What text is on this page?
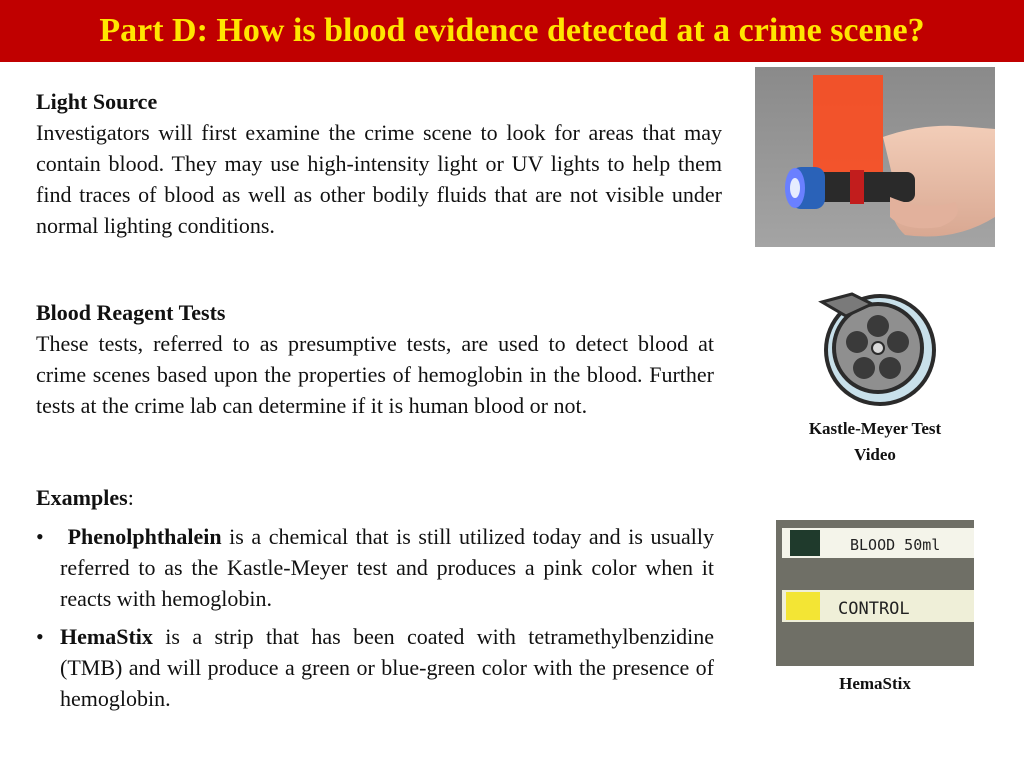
Part D: How is blood evidence detected at a crime scene?
Light Source
Investigators will first examine the crime scene to look for areas that may contain blood. They may use high-intensity light or UV lights to help them find traces of blood as well as other bodily fluids that are not visible under normal lighting conditions.
Blood Reagent Tests
These tests, referred to as presumptive tests, are used to detect blood at crime scenes based upon the properties of hemoglobin in the blood. Further tests at the crime lab can determine if it is human blood or not.
Examples:
• Phenolphthalein is a chemical that is still utilized today and is usually referred to as the Kastle-Meyer test and produces a pink color when it reacts with hemoglobin.
• HemaStix is a strip that has been coated with tetramethylbenzidine (TMB) and will produce a green or blue-green color with the presence of hemoglobin.
Kastle-Meyer Test
Video
BLOOD 50ml
CONTROL
HemaStix
